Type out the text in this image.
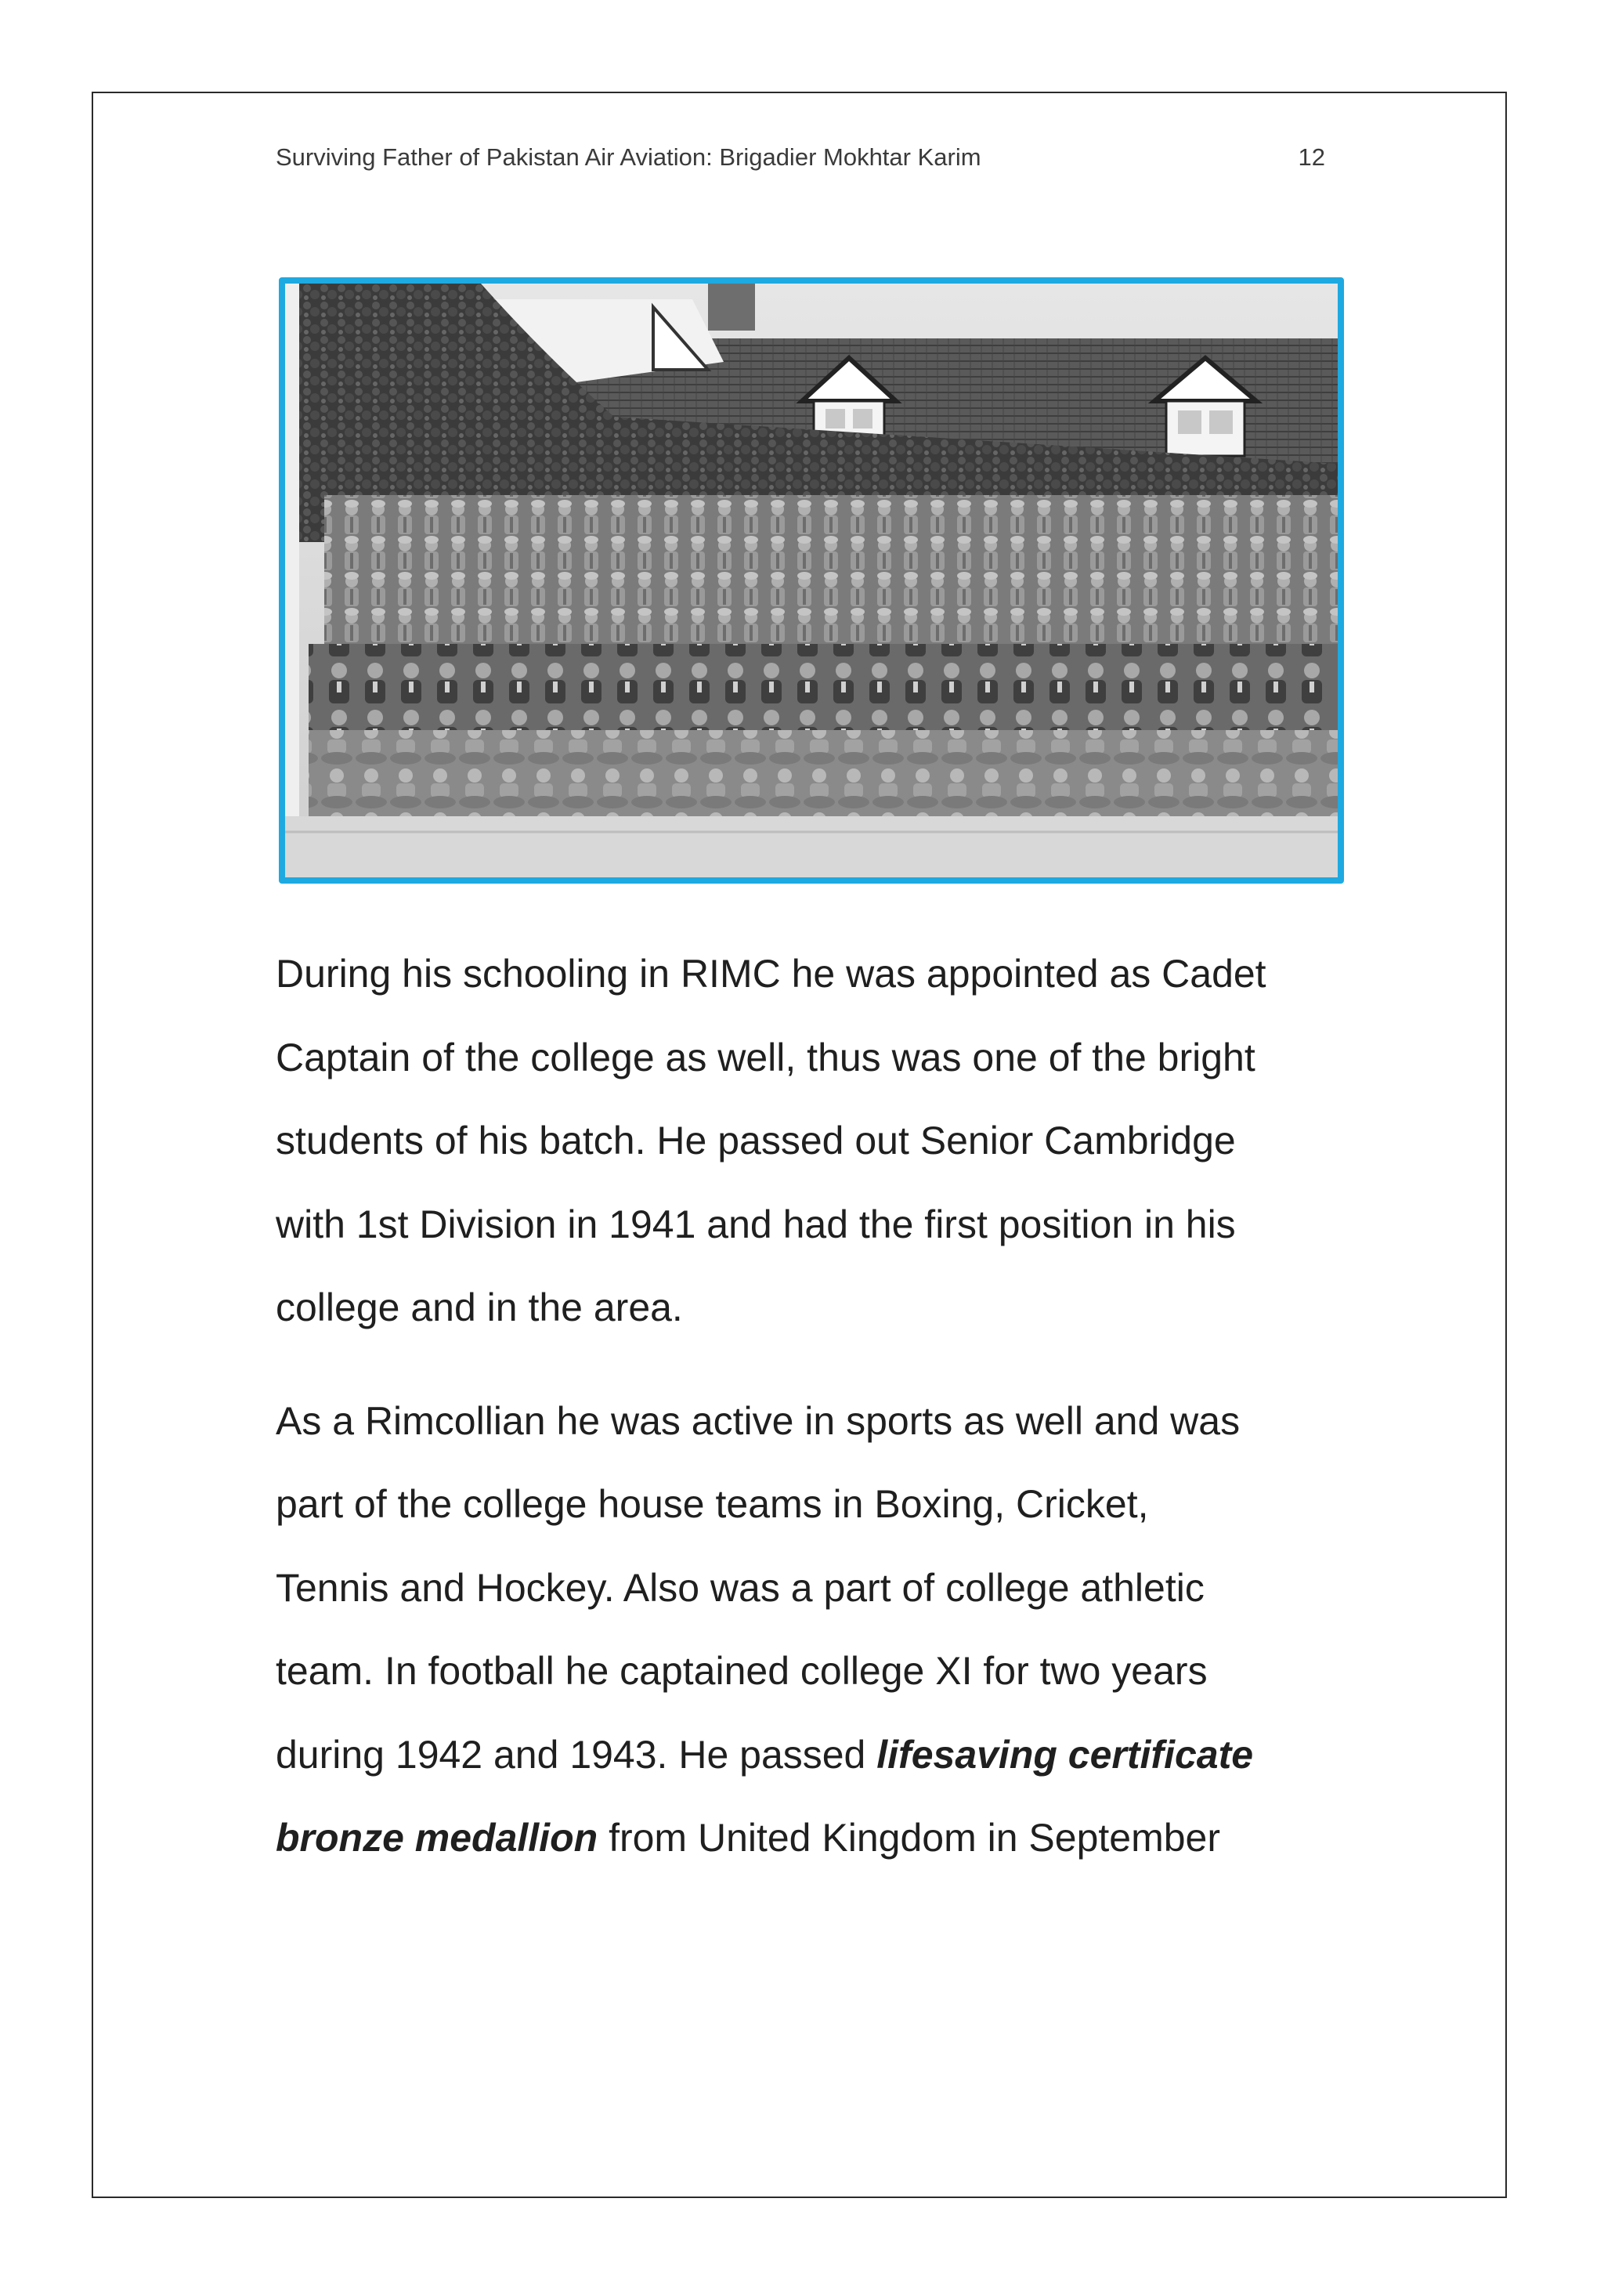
Surviving Father of Pakistan Air Aviation: Brigadier Mokhtar Karim	12

During his schooling in RIMC he was appointed as Cadet
Captain of the college as well, thus was one of the bright
students of his batch. He passed out Senior Cambridge
with 1st Division in 1941 and had the first position in his
college and in the area.

As a Rimcollian he was active in sports as well and was
part of the college house teams in Boxing, Cricket,
Tennis and Hockey. Also was a part of college athletic
team. In football he captained college XI for two years
during 1942 and 1943. He passed lifesaving certificate
bronze medallion from United Kingdom in September
